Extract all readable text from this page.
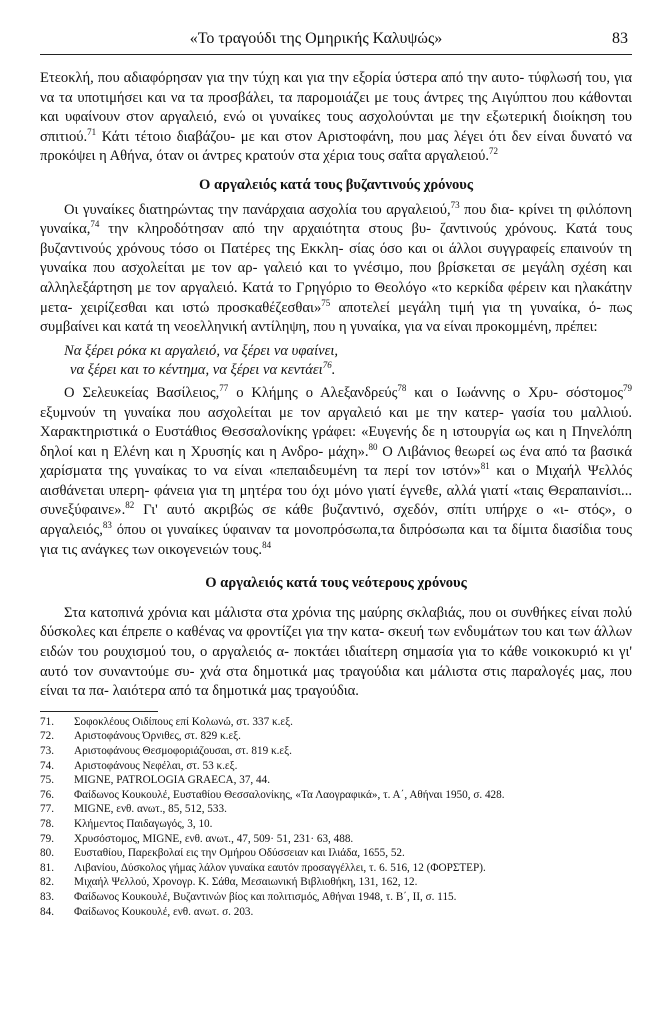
«Το τραγούδι της Ομηρικής Καλυψώς»	83

Ετεοκλή, που αδιαφόρησαν για την τύχη και για την εξορία ύστερα από την αυτο- τύφλωσή του, για να τα υποτιμήσει και να τα προσβάλει, τα παρομοιάζει με τους άντρες της Αιγύπτου που κάθονται και υφαίνουν στον αργαλειό, ενώ οι γυναίκες τους ασχολούνται με την εξωτερική διοίκηση του σπιτιού.$^{71}$ Κάτι τέτοιο διαβάζου- με και στον Αριστοφάνη, που μας λέγει ότι δεν είναι δυνατό να προκόψει η Αθήνα, όταν οι άντρες κρατούν στα χέρια τους σαΐτα αργαλειού.$^{72}$

Ο αργαλειός κατά τους βυζαντινούς χρόνους

Οι γυναίκες διατηρώντας την πανάρχαια ασχολία του αργαλειού,$^{73}$ που δια- κρίνει τη φιλόπονη γυναίκα,$^{74}$ την κληροδότησαν από την αρχαιότητα στους βυ- ζαντινούς χρόνους. Κατά τους βυζαντινούς χρόνους τόσο οι Πατέρες της Εκκλη- σίας όσο και οι άλλοι συγγραφείς επαινούν τη γυναίκα που ασχολείται με τον αρ- γαλειό και το γνέσιμο, που βρίσκεται σε μεγάλη σχέση και αλληλεξάρτηση με τον αργαλειό. Κατά το Γρηγόριο το Θεολόγο «το κερκίδα φέρειν και ηλακάτην μετα- χειρίζεσθαι και ιστώ προσκαθέζεσθαι»$^{75}$ αποτελεί μεγάλη τιμή για τη γυναίκα, ό- πως συμβαίνει και κατά τη νεοελληνική αντίληψη, που η γυναίκα, για να είναι προκομμένη, πρέπει:

Να ξέρει ρόκα κι αργαλειό, να ξέρει να υφαίνει,
να ξέρει και το κέντημα, να ξέρει να κεντάει$^{76}$.

Ο Σελευκείας Βασίλειος,$^{77}$ ο Κλήμης ο Αλεξανδρεύς$^{78}$ και ο Ιωάννης ο Χρυ- σόστομος$^{79}$ εξυμνούν τη γυναίκα που ασχολείται με τον αργαλειό και με την κατερ- γασία του μαλλιού. Χαρακτηριστικά ο Ευστάθιος Θεσσαλονίκης γράφει: «Ευγενής δε η ιστουργία ως και η Πηνελόπη δηλοί και η Ελένη και η Χρυσηίς και η Ανδρο- μάχη».$^{80}$ Ο Λιβάνιος θεωρεί ως ένα από τα βασικά χαρίσματα της γυναίκας το να είναι «πεπαιδευμένη τα περί τον ιστόν»$^{81}$ και ο Μιχαήλ Ψελλός αισθάνεται υπερη- φάνεια για τη μητέρα του όχι μόνο γιατί έγνεθε, αλλά γιατί «ταις Θεραπαινίσι... συνεξύφαινε».$^{82}$ Γι' αυτό ακριβώς σε κάθε βυζαντινό, σχεδόν, σπίτι υπήρχε ο «ι- στός», ο αργαλειός,$^{83}$ όπου οι γυναίκες ύφαιναν τα μονοπρόσωπα,τα διπρόσωπα και τα δίμιτα διασίδια τους για τις ανάγκες των οικογενειών τους.$^{84}$

Ο αργαλειός κατά τους νεότερους χρόνους

Στα κατοπινά χρόνια και μάλιστα στα χρόνια της μαύρης σκλαβιάς, που οι συνθήκες είναι πολύ δύσκολες και έπρεπε ο καθένας να φροντίζει για την κατα- σκευή των ενδυμάτων του και των άλλων ειδών του ρουχισμού του, ο αργαλειός α- ποκτάει ιδιαίτερη σημασία για το κάθε νοικοκυριό κι γι' αυτό τον συναντούμε συ- χνά στα δημοτικά μας τραγούδια και μάλιστα στις παραλογές μας, που είναι τα πα- λαιότερα από τα δημοτικά μας τραγούδια.

71.	Σοφοκλέους Οιδίπους επί Κολωνώ, στ. 337 κ.εξ.
72.	Αριστοφάνους Όρνιθες, στ. 829 κ.εξ.
73.	Αριστοφάνους Θεσμοφοριάζουσαι, στ. 819 κ.εξ.
74.	Αριστοφάνους Νεφέλαι, στ. 53 κ.εξ.
75.	MIGNE, PATROLOGIA GRAECA, 37, 44.
76.	Φαίδωνος Κουκουλέ, Ευσταθίου Θεσσαλονίκης, «Τα Λαογραφικά», τ. Α΄, Αθήναι 1950, σ. 428.
77.	MIGNE, ενθ. ανωτ., 85, 512, 533.
78.	Κλήμεντος Παιδαγωγός, 3, 10.
79.	Χρυσόστομος, MIGNE, ενθ. ανωτ., 47, 509· 51, 231· 63, 488.
80.	Ευσταθίου, Παρεκβολαί εις την Ομήρου Οδύσσειαν και Ιλιάδα, 1655, 52.
81.	Λιβανίου, Δύσκολος γήμας λάλον γυναίκα εαυτόν προσαγγέλλει, τ. 6. 516, 12 (ΦΟΡΣΤΕΡ).
82.	Μιχαήλ Ψελλού, Χρονογρ. Κ. Σάθα, Μεσαιωνική Βιβλιοθήκη, 131, 162, 12.
83.	Φαίδωνος Κουκουλέ, Βυζαντινών βίος και πολιτισμός, Αθήναι 1948, τ. Β΄, ΙΙ, σ. 115.
84.	Φαίδωνος Κουκουλέ, ενθ. ανωτ. σ. 203.
